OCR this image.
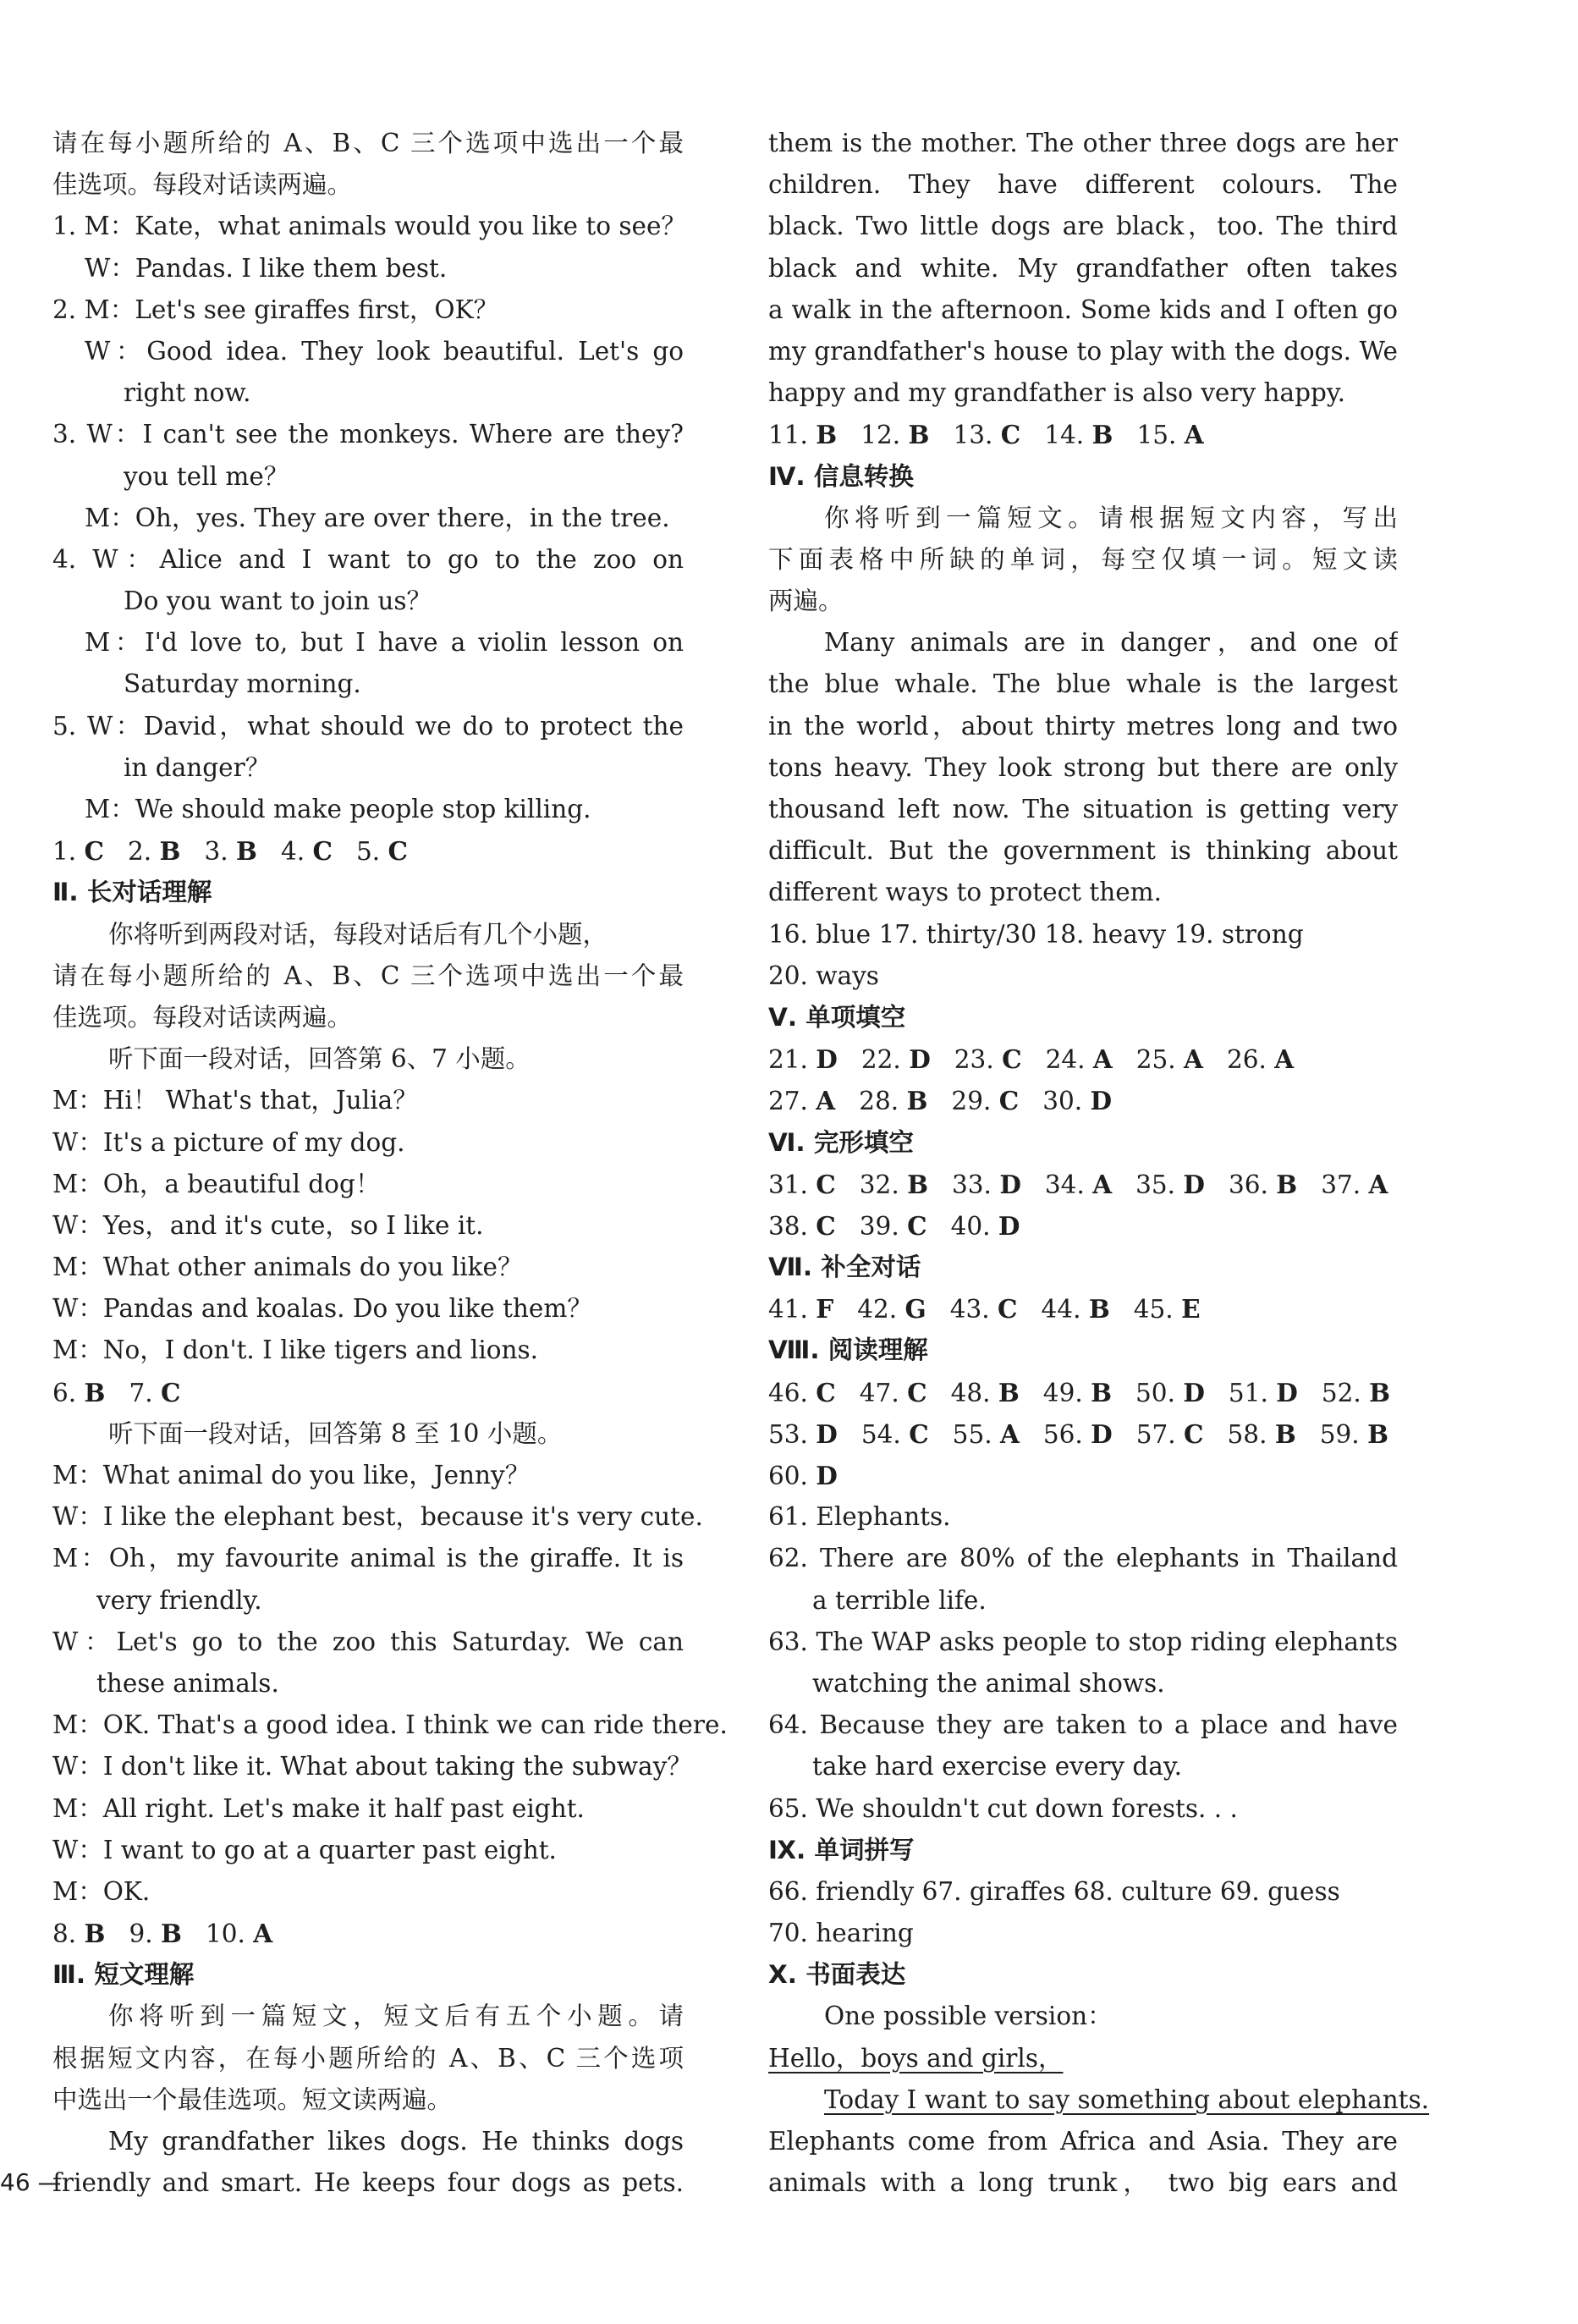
请在每小题所给的 A、B、C 三个选项中选出一个最
佳选项。每段对话读两遍。
1. M：Kate，what animals would you like to see？
W：Pandas. I like them best.
2. M：Let's see giraffes first，OK？
W：Good idea. They look beautiful. Let's go
right now.
3. W：I can't see the monkeys. Where are they?
you tell me？
M：Oh，yes. They are over there，in the tree.
4. W：Alice and I want to go to the zoo on
Do you want to join us？
M：I'd love to, but I have a violin lesson on
Saturday morning.
5. W：David，what should we do to protect the
in danger？
M：We should make people stop killing.
1. C 2. B 3. B 4. C 5. C
Ⅱ. 长对话理解
你将听到两段对话，每段对话后有几个小题，
请在每小题所给的 A、B、C 三个选项中选出一个最
佳选项。每段对话读两遍。
听下面一段对话，回答第 6、7 小题。
M：Hi！ What's that，Julia？
W：It's a picture of my dog.
M：Oh，a beautiful dog！
W：Yes，and it's cute，so I like it.
M：What other animals do you like？
W：Pandas and koalas. Do you like them？
M：No，I don't. I like tigers and lions.
6. B 7. C
听下面一段对话，回答第 8 至 10 小题。
M：What animal do you like，Jenny？
W：I like the elephant best，because it's very cute.
M：Oh，my favourite animal is the giraffe. It is
very friendly.
W：Let's go to the zoo this Saturday. We can
these animals.
M：OK. That's a good idea. I think we can ride there.
W：I don't like it. What about taking the subway？
M：All right. Let's make it half past eight.
W：I want to go at a quarter past eight.
M：OK.
8. B 9. B 10. A
Ⅲ. 短文理解
你将听到一篇短文，短文后有五个小题。请
根据短文内容，在每小题所给的 A、B、C 三个选项
中选出一个最佳选项。短文读两遍。
My grandfather likes dogs. He thinks dogs
friendly and smart. He keeps four dogs as pets.
them is the mother. The other three dogs are her
children. They have different colours. The
black. Two little dogs are black，too. The third
black and white. My grandfather often takes
a walk in the afternoon. Some kids and I often go
my grandfather's house to play with the dogs. We
happy and my grandfather is also very happy.
11. B 12. B 13. C 14. B 15. A
Ⅳ. 信息转换
你将听到一篇短文。请根据短文内容，写出
下面表格中所缺的单词，每空仅填一词。短文读
两遍。
Many animals are in danger，and one of
the blue whale. The blue whale is the largest
in the world，about thirty metres long and two
tons heavy. They look strong but there are only
thousand left now. The situation is getting very
difficult. But the government is thinking about
different ways to protect them.
16. blue 17. thirty/30 18. heavy 19. strong
20. ways
Ⅴ. 单项填空
21. D 22. D 23. C 24. A 25. A 26. A
27. A 28. B 29. C 30. D
Ⅵ. 完形填空
31. C 32. B 33. D 34. A 35. D 36. B 37. A
38. C 39. C 40. D
Ⅶ. 补全对话
41. F 42. G 43. C 44. B 45. E
Ⅷ. 阅读理解
46. C 47. C 48. B 49. B 50. D 51. D 52. B
53. D 54. C 55. A 56. D 57. C 58. B 59. B
60. D
61. Elephants.
62. There are 80% of the elephants in Thailand
a terrible life.
63. The WAP asks people to stop riding elephants
watching the animal shows.
64. Because they are taken to a place and have
take hard exercise every day.
65. We shouldn't cut down forests. . .
Ⅸ. 单词拼写
66. friendly 67. giraffes 68. culture 69. guess
70. hearing
Ⅹ. 书面表达
One possible version：
Hello，boys and girls，
Today I want to say something about elephants.
Elephants come from Africa and Asia. They are
animals with a long trunk， two big ears and
46 —
